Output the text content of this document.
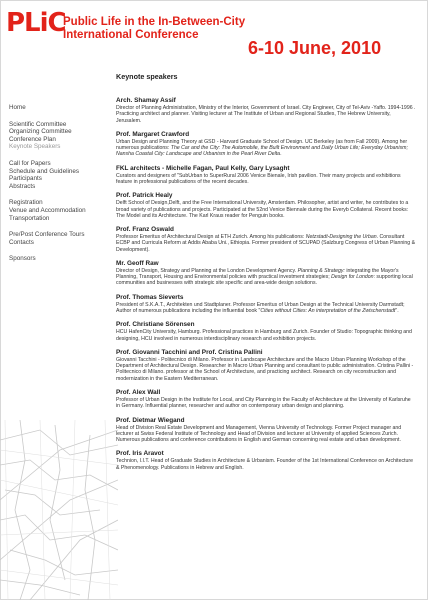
PLiC
Public Life in the In-Between-City
International Conference
6-10 June, 2010
Home
Scientific Committee
Organizing Committee
Conference Plan
Keynote Speakers
Call for Papers
Schedule and Guidelines
Participants
Abstracts
Registration
Venue and Accommodation
Transportation
Pre/Post Conference Tours
Contacts
Sponsors
Keynote speakers
Arch. Shamay Assif
Director of Planning Administration, Ministry of the Interior, Government of Israel. City Engineer, City of Tel-Aviv -Yaffo. 1994-1996 . Practicing architect and planner. Visiting lecturer at The Institute of Urban and Regional Studies, The Hebrew University, Jerusalem.
Prof. Margaret Crawford
Urban Design and Planning Theory at GSD - Harvard Graduate School of Design. UC Berkeley (as from Fall 2009). Among her numerous publications: The Car and the City: The Automobile, the Built Environment and Daily Urban Life; Everyday Urbanism; Nansha Coastal City: Landscape and Urbanism in the Pearl River Delta.
FKL architects - Michelle Fagan, Paul Kelly, Gary Lysaght
Curators and designers of "SubUrban to SuperRural 2006 Venice Bienale, Irish pavilion. Their many projects and exhibitions feature in professional publications of the recent decades.
Prof. Patrick Healy
Delft School of Design,Delft, and the Free International University, Amsterdam. Philosopher, artist and writer, he contributes to a broad variety of publications and projects. Participated at the 52nd Venice Biennale during the Everyb Collateral. Recent books: The Model and its Architecture. The Karl Kraus reader for Penguin books.
Prof. Franz Oswald
Professor Emeritus of Architectural Design at ETH Zurich. Among his publications: Netzstadt-Designing the Urban. Consultant ECBP and Curricula Reform at Addis Ababa Uni., Ethiopia. Former president of SCUPAD (Salzburg Congress of Urban Planning & Development).
Mr. Geoff Raw
Director of Design, Strategy and Planning at the London Development Agency. Planning & Strategy: integrating the Mayor's Planning, Transport, Housing and Environmental policies with practical investment strategies; Design for London: supporting local communities and businesses with strategic site specific and area-wide design solutions.
Prof. Thomas Sieverts
President of S.K.A.T., Architekten und Stadtplaner. Professor Emeritus of Urban Design at the Technical University Darmstadt; Author of numerous publications including the influential book "Cities without Cities: An interpretation of the Zwischenstadt".
Prof. Christiane Sörensen
HCU HafenCity University, Hamburg. Professional practices in Hamburg and Zurich. Founder of Studio: Topographic thinking and designing, HCU involved in numerous interdisciplinary research and exhibition projects.
Prof. Giovanni Tacchini and Prof. Cristina Pallini
Giovanni Tacchini - Politecnico di Milano. Professor in Landscape Architecture and the Macro Urban Planning Workshop of the Department of Architectural Design. Researcher in Macro Urban Planning and consultant to public administration. Cristina Pallini - Politecnico di Milano. professor at the School of Architecture, and practicing architect. Research on city reconstruction and modernization in the Eastern Mediterranean.
Prof. Alex Wall
Professor of Urban Design in the Institute for Local, and City Planning in the Faculty of Architecture at the University of Karlsruhe in Germany. Influential planner, researcher and author on contemporary urban design and planning.
Prof. Dietmar Wiegand
Head of Division Real Estate Development and Management, Vienna University of Technology. Former Project manager and lecturer at Swiss Federal Institute of Technology and Head of Division and lecturer at University of applied Sciences Zurich. Numerous publications and conference contributions in English and German concerning real estate and urban development.
Prof. Iris Aravot
Technion, I.I.T. Head of Graduate Studies in Architecture & Urbanism. Founder of the 1st International Conference on Architecture & Phenomenology. Publications in Hebrew and English.
